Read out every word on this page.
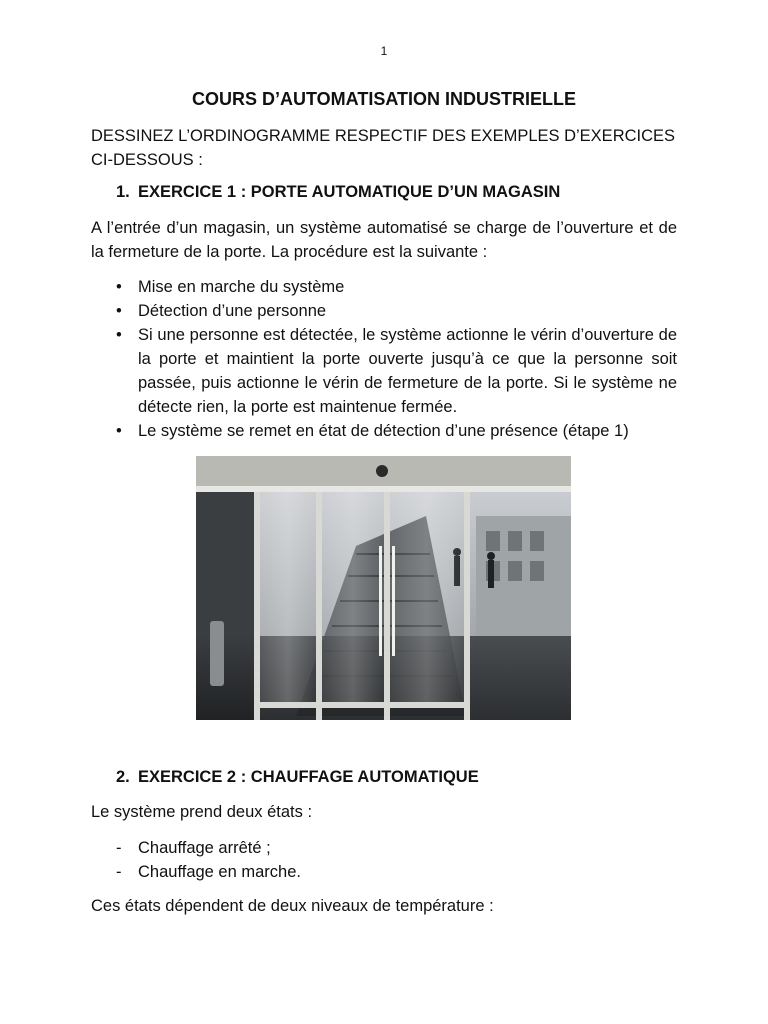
1
COURS D’AUTOMATISATION INDUSTRIELLE

DESSINEZ L’ORDINOGRAMME RESPECTIF DES EXEMPLES D’EXERCICES CI-DESSOUS :

1. EXERCICE 1 : PORTE AUTOMATIQUE D’UN MAGASIN

A l’entrée d’un magasin, un système automatisé se charge de l’ouverture et de la fermeture de la porte. La procédure est la suivante :

• Mise en marche du système
• Détection d’une personne
• Si une personne est détectée, le système actionne le vérin d’ouverture de la porte et maintient la porte ouverte jusqu’à ce que la personne soit passée, puis actionne le vérin de fermeture de la porte. Si le système ne détecte rien, la porte est maintenue fermée.
• Le système se remet en état de détection d’une présence (étape 1)
2. EXERCICE 2 : CHAUFFAGE AUTOMATIQUE

Le système prend deux états :

- Chauffage arrêté ;
- Chauffage en marche.

Ces états dépendent de deux niveaux de température :
